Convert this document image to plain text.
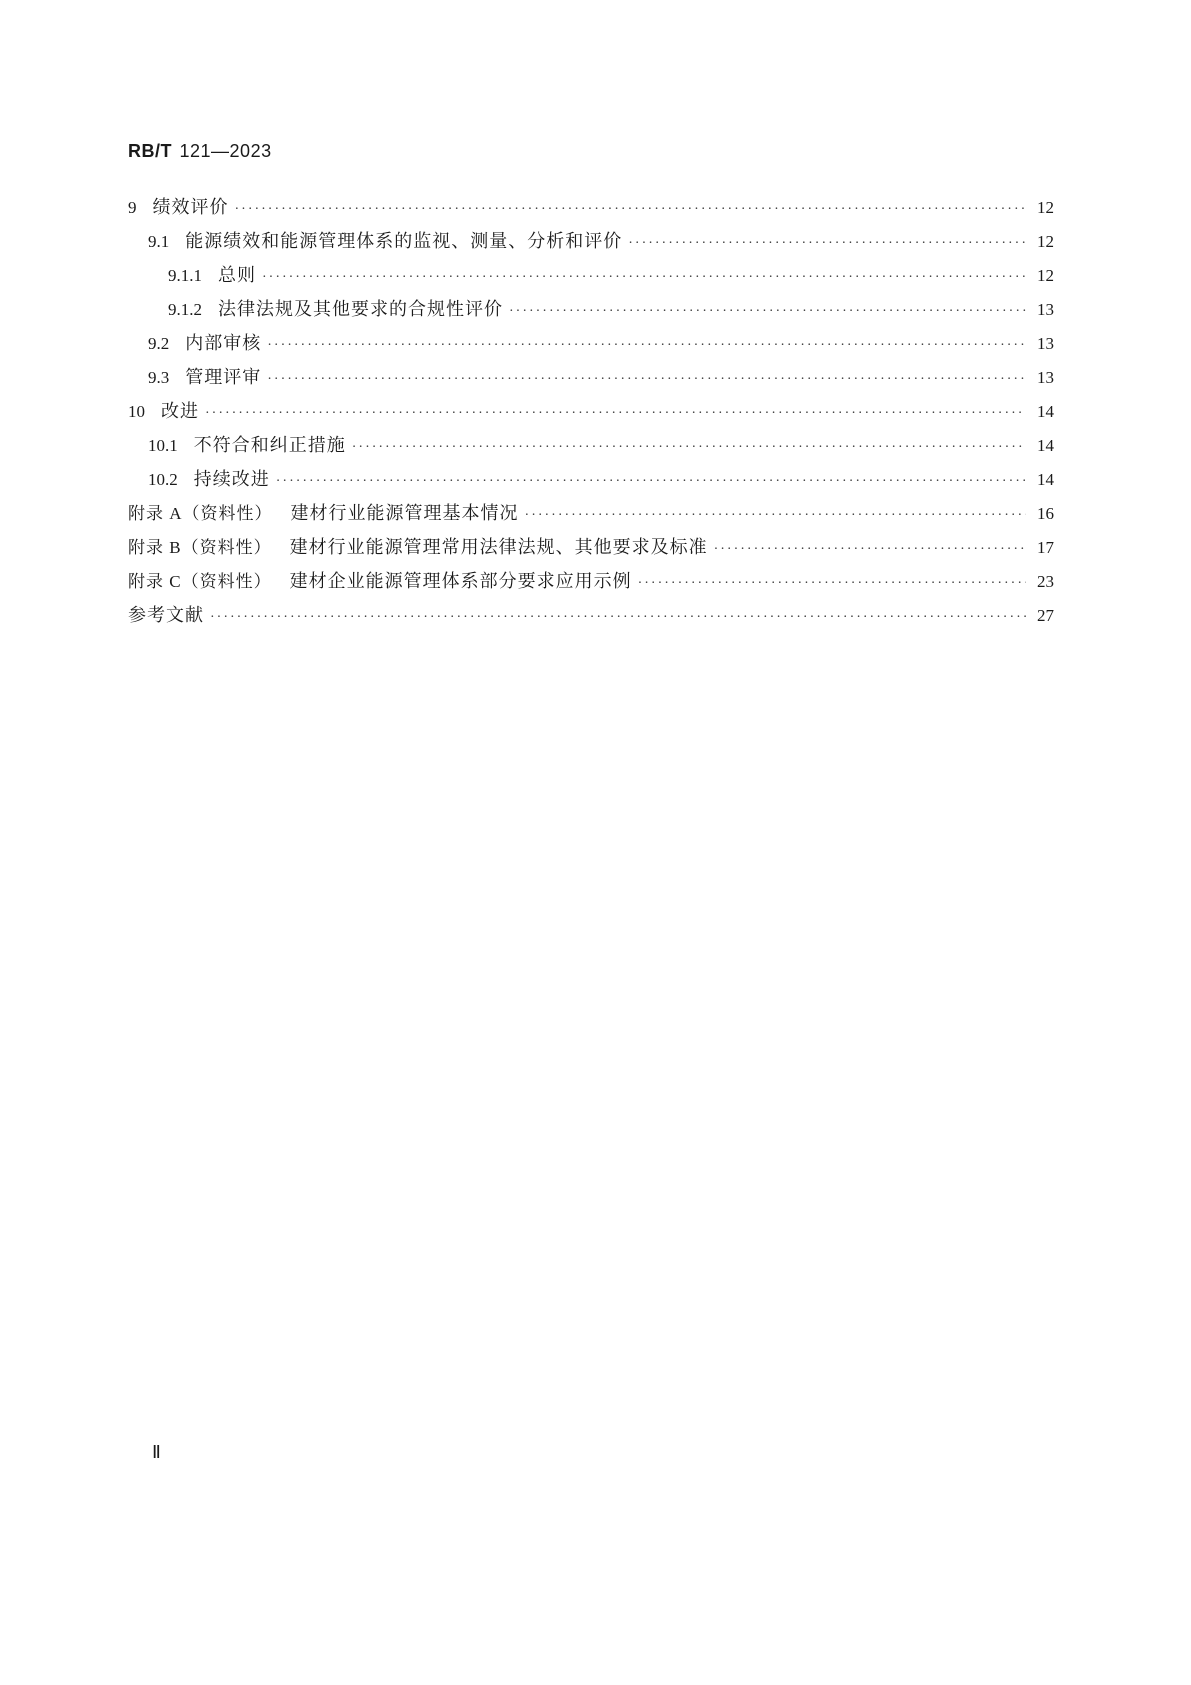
RB/T 121—2023
9 绩效评价 ·····	12
9.1 能源绩效和能源管理体系的监视、测量、分析和评价 ·····	12
9.1.1 总则 ·····	12
9.1.2 法律法规及其他要求的合规性评价 ·····	13
9.2 内部审核 ·····	13
9.3 管理评审 ·····	13
10 改进 ·····	14
10.1 不符合和纠正措施 ·····	14
10.2 持续改进 ·····	14
附录 A（资料性） 建材行业能源管理基本情况 ·····	16
附录 B（资料性） 建材行业能源管理常用法律法规、其他要求及标准 ·····	17
附录 C（资料性） 建材企业能源管理体系部分要求应用示例 ·····	23
参考文献 ·····	27
Ⅱ
